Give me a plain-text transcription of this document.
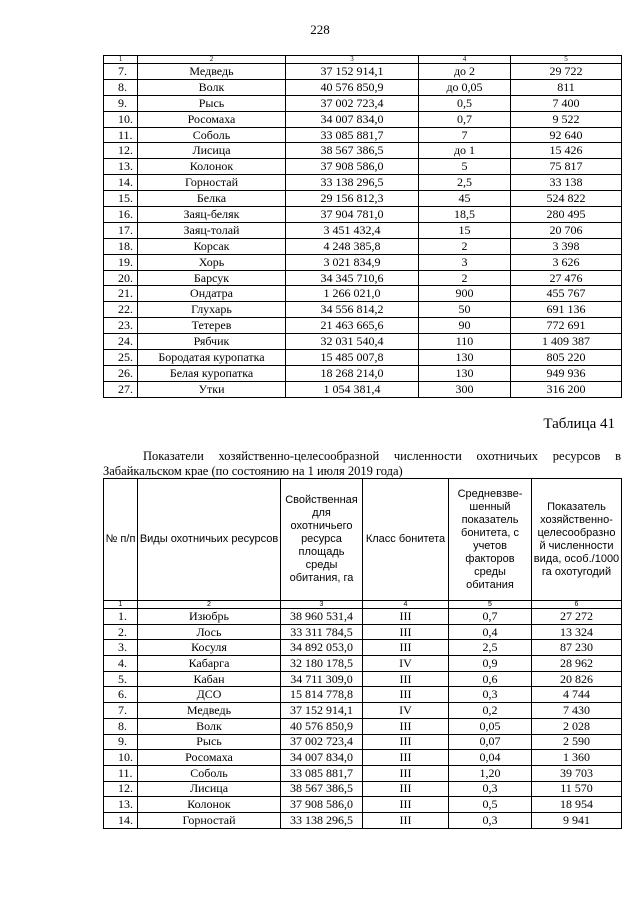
228
1	2	3	4	5
7.	Медведь	37 152 914,1	до 2	29 722
8.	Волк	40 576 850,9	до 0,05	811
9.	Рысь	37 002 723,4	0,5	7 400
10.	Росомаха	34 007 834,0	0,7	9 522
11.	Соболь	33 085 881,7	7	92 640
12.	Лисица	38 567 386,5	до 1	15 426
13.	Колонок	37 908 586,0	5	75 817
14.	Горностай	33 138 296,5	2,5	33 138
15.	Белка	29 156 812,3	45	524 822
16.	Заяц-беляк	37 904 781,0	18,5	280 495
17.	Заяц-толай	3 451 432,4	15	20 706
18.	Корсак	4 248 385,8	2	3 398
19.	Хорь	3 021 834,9	3	3 626
20.	Барсук	34 345 710,6	2	27 476
21.	Ондатра	1 266 021,0	900	455 767
22.	Глухарь	34 556 814,2	50	691 136
23.	Тетерев	21 463 665,6	90	772 691
24.	Рябчик	32 031 540,4	110	1 409 387
25.	Бородатая куропатка	15 485 007,8	130	805 220
26.	Белая куропатка	18 268 214,0	130	949 936
27.	Утки	1 054 381,4	300	316 200
Таблица 41
Показатели хозяйственно-целесообразной численности охотничьих ресурсов в
Забайкальском крае (по состоянию на 1 июля 2019 года)
№ п/п	Виды охотничьих ресурсов	Свойственная для охотничьего ресурса площадь среды обитания, га	Класс бонитета	Средневзве- шенный показатель бонитета, с учетов факторов среды обитания	Показатель хозяйственно- целесообразно й численности вида, особ./1000 га охотугодий
1	2	3	4	5	6
1.	Изюбрь	38 960 531,4	III	0,7	27 272
2.	Лось	33 311 784,5	III	0,4	13 324
3.	Косуля	34 892 053,0	III	2,5	87 230
4.	Кабарга	32 180 178,5	IV	0,9	28 962
5.	Кабан	34 711 309,0	III	0,6	20 826
6.	ДСО	15 814 778,8	III	0,3	4 744
7.	Медведь	37 152 914,1	IV	0,2	7 430
8.	Волк	40 576 850,9	III	0,05	2 028
9.	Рысь	37 002 723,4	III	0,07	2 590
10.	Росомаха	34 007 834,0	III	0,04	1 360
11.	Соболь	33 085 881,7	III	1,20	39 703
12.	Лисица	38 567 386,5	III	0,3	11 570
13.	Колонок	37 908 586,0	III	0,5	18 954
14.	Горностай	33 138 296,5	III	0,3	9 941
